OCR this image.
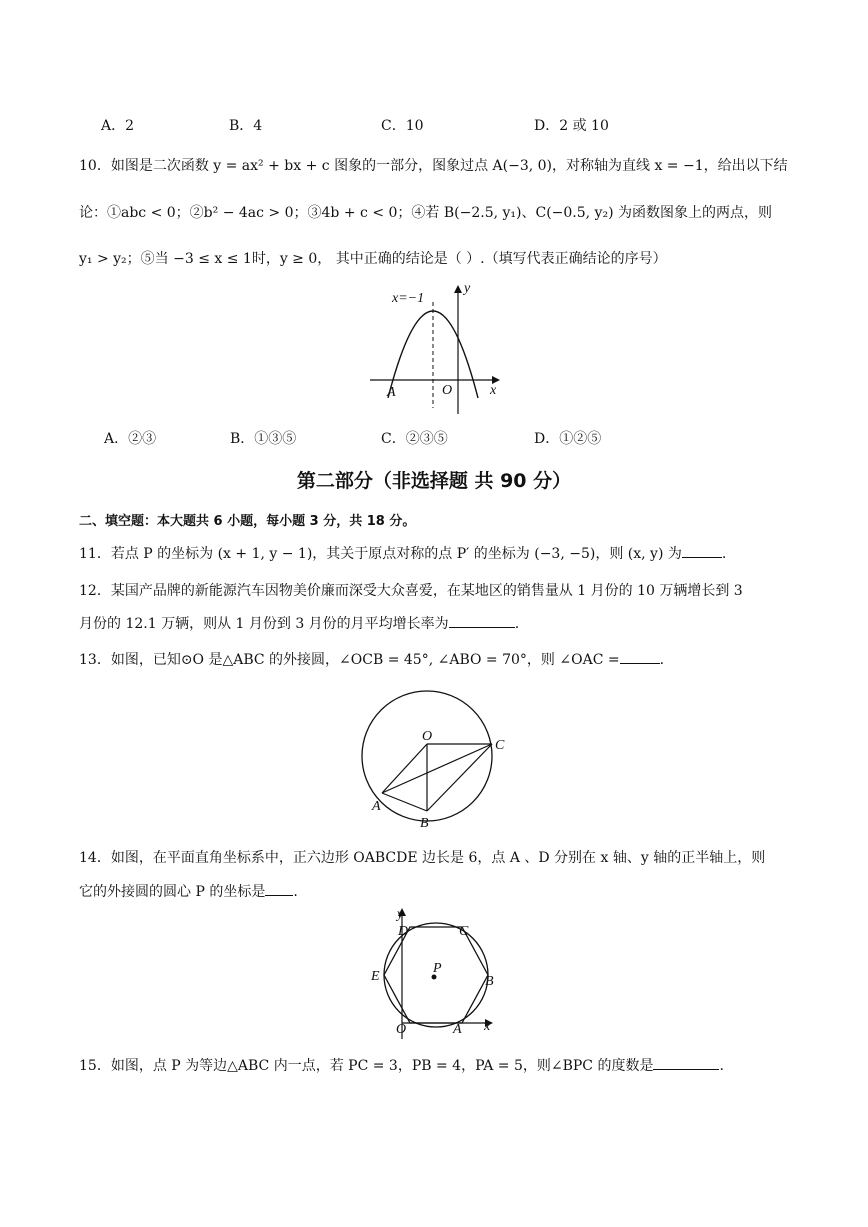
A．2	B．4	C．10	D．2 或 10
10．如图是二次函数 y = ax² + bx + c 图象的一部分，图象过点 A(−3, 0)，对称轴为直线 x = −1，给出以下结
论：①abc < 0；②b² − 4ac > 0；③4b + c < 0；④若 B(−2.5, y₁)、C(−0.5, y₂) 为函数图象上的两点，则
y₁ > y₂；⑤当 −3 ≤ x ≤ 1时，y ≥ 0， 其中正确的结论是（ ）.（填写代表正确结论的序号）
x=−1
y
x
A	O
A．②③	B．①③⑤	C．②③⑤	D．①②⑤
第二部分（非选择题 共 90 分）
二、填空题：本大题共 6 小题，每小题 3 分，共 18 分。
11．若点 P 的坐标为 (x + 1, y − 1)，其关于原点对称的点 P′ 的坐标为 (−3, −5)，则 (x, y) 为	.
12．某国产品牌的新能源汽车因物美价廉而深受大众喜爱，在某地区的销售量从 1 月份的 10 万辆增长到 3
月份的 12.1 万辆，则从 1 月份到 3 月份的月平均增长率为	.
13．如图，已知⊙O 是△ABC 的外接圆，∠OCB = 45°, ∠ABO = 70°，则 ∠OAC =	.
O
C
A
B
14．如图，在平面直角坐标系中，正六边形 OABCDE 边长是 6，点 A 、D 分别在 x 轴、y 轴的正半轴上，则
它的外接圆的圆心 P 的坐标是 .
y
D	C
E
P
B
O	A x
15．如图，点 P 为等边△ABC 内一点，若 PC = 3，PB = 4，PA = 5，则∠BPC 的度数是	.
